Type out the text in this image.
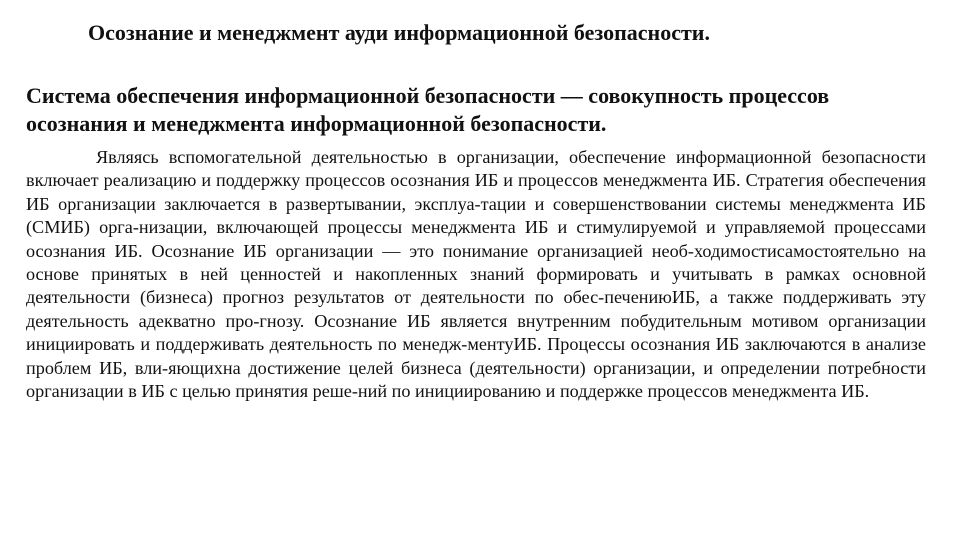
Осознание и менеджмент ауди информационной безопасности.
Система обеспечения информационной безопасности — совокупность процессов осознания и менеджмента информационной безопасности.

Являясь вспомогательной деятельностью в организации, обеспечение информационной безопасности включает реализацию и поддержку процессов осознания ИБ и процессов менеджмента ИБ. Стратегия обеспечения ИБ организации заключается в развертывании, эксплуа-тации и совершенствовании системы менеджмента ИБ (СМИБ) орга-низации, включающей процессы менеджмента ИБ и стимулируемой и управляемой процессами осознания ИБ. Осознание ИБ организации — это понимание организацией необ-ходимостисамостоятельно на основе принятых в ней ценностей и накопленных знаний формировать и учитывать в рамках основной деятельности (бизнеса) прогноз результатов от деятельности по обес-печениюИБ, а также поддерживать эту деятельность адекватно про-гнозу. Осознание ИБ является внутренним побудительным мотивом организации инициировать и поддерживать деятельность по менедж-ментуИБ. Процессы осознания ИБ заключаются в анализе проблем ИБ, вли-яющихна достижение целей бизнеса (деятельности) организации, и определении потребности организации в ИБ с целью принятия реше-ний по инициированию и поддержке процессов менеджмента ИБ.
